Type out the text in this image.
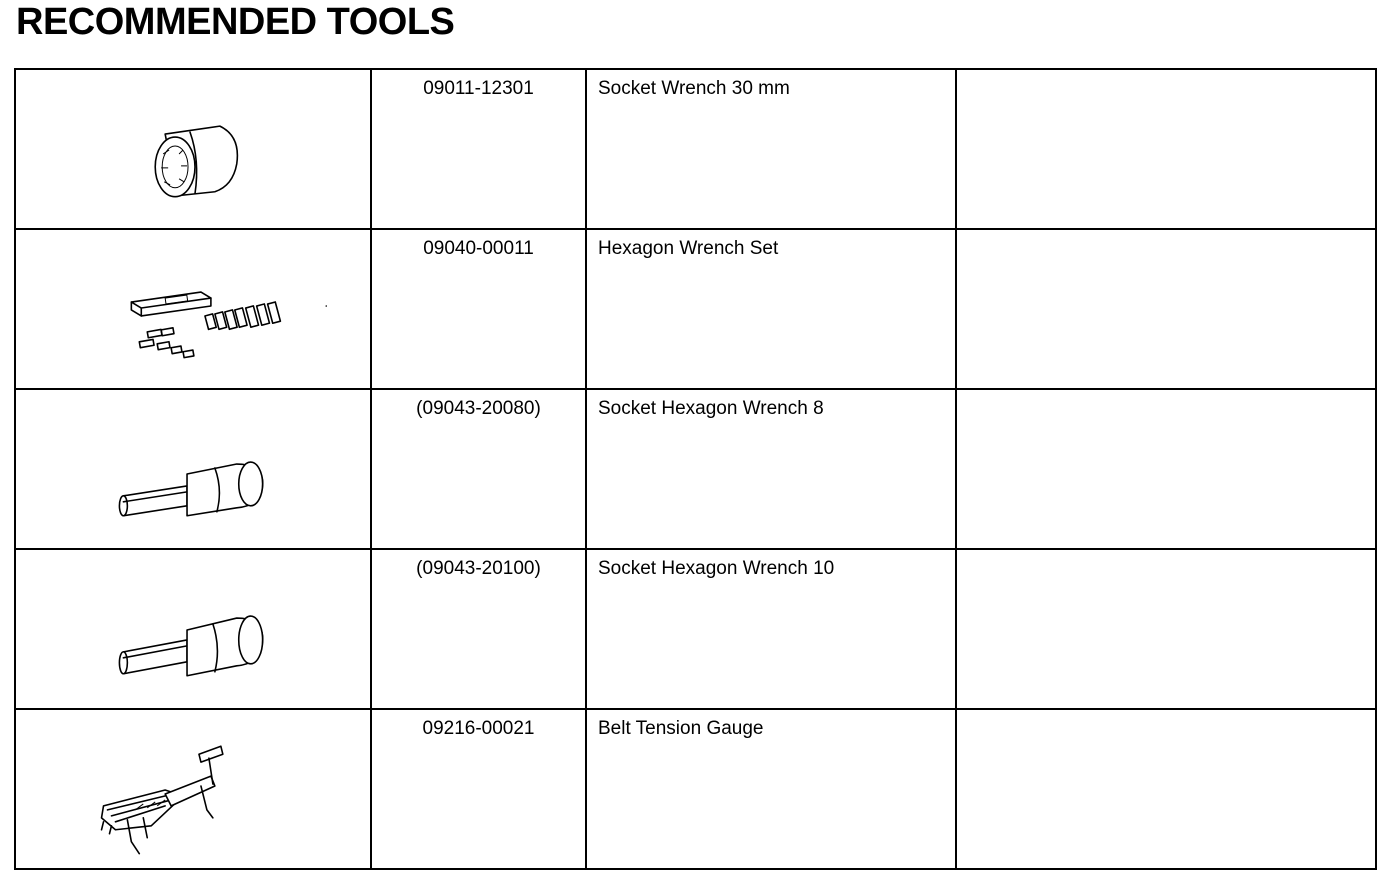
RECOMMENDED TOOLS
	09011-12301	Socket Wrench 30 mm	

	09040-00011	Hexagon Wrench Set	

	(09043-20080)	Socket Hexagon Wrench 8	

	(09043-20100)	Socket Hexagon Wrench 10	

	09216-00021	Belt Tension Gauge	
